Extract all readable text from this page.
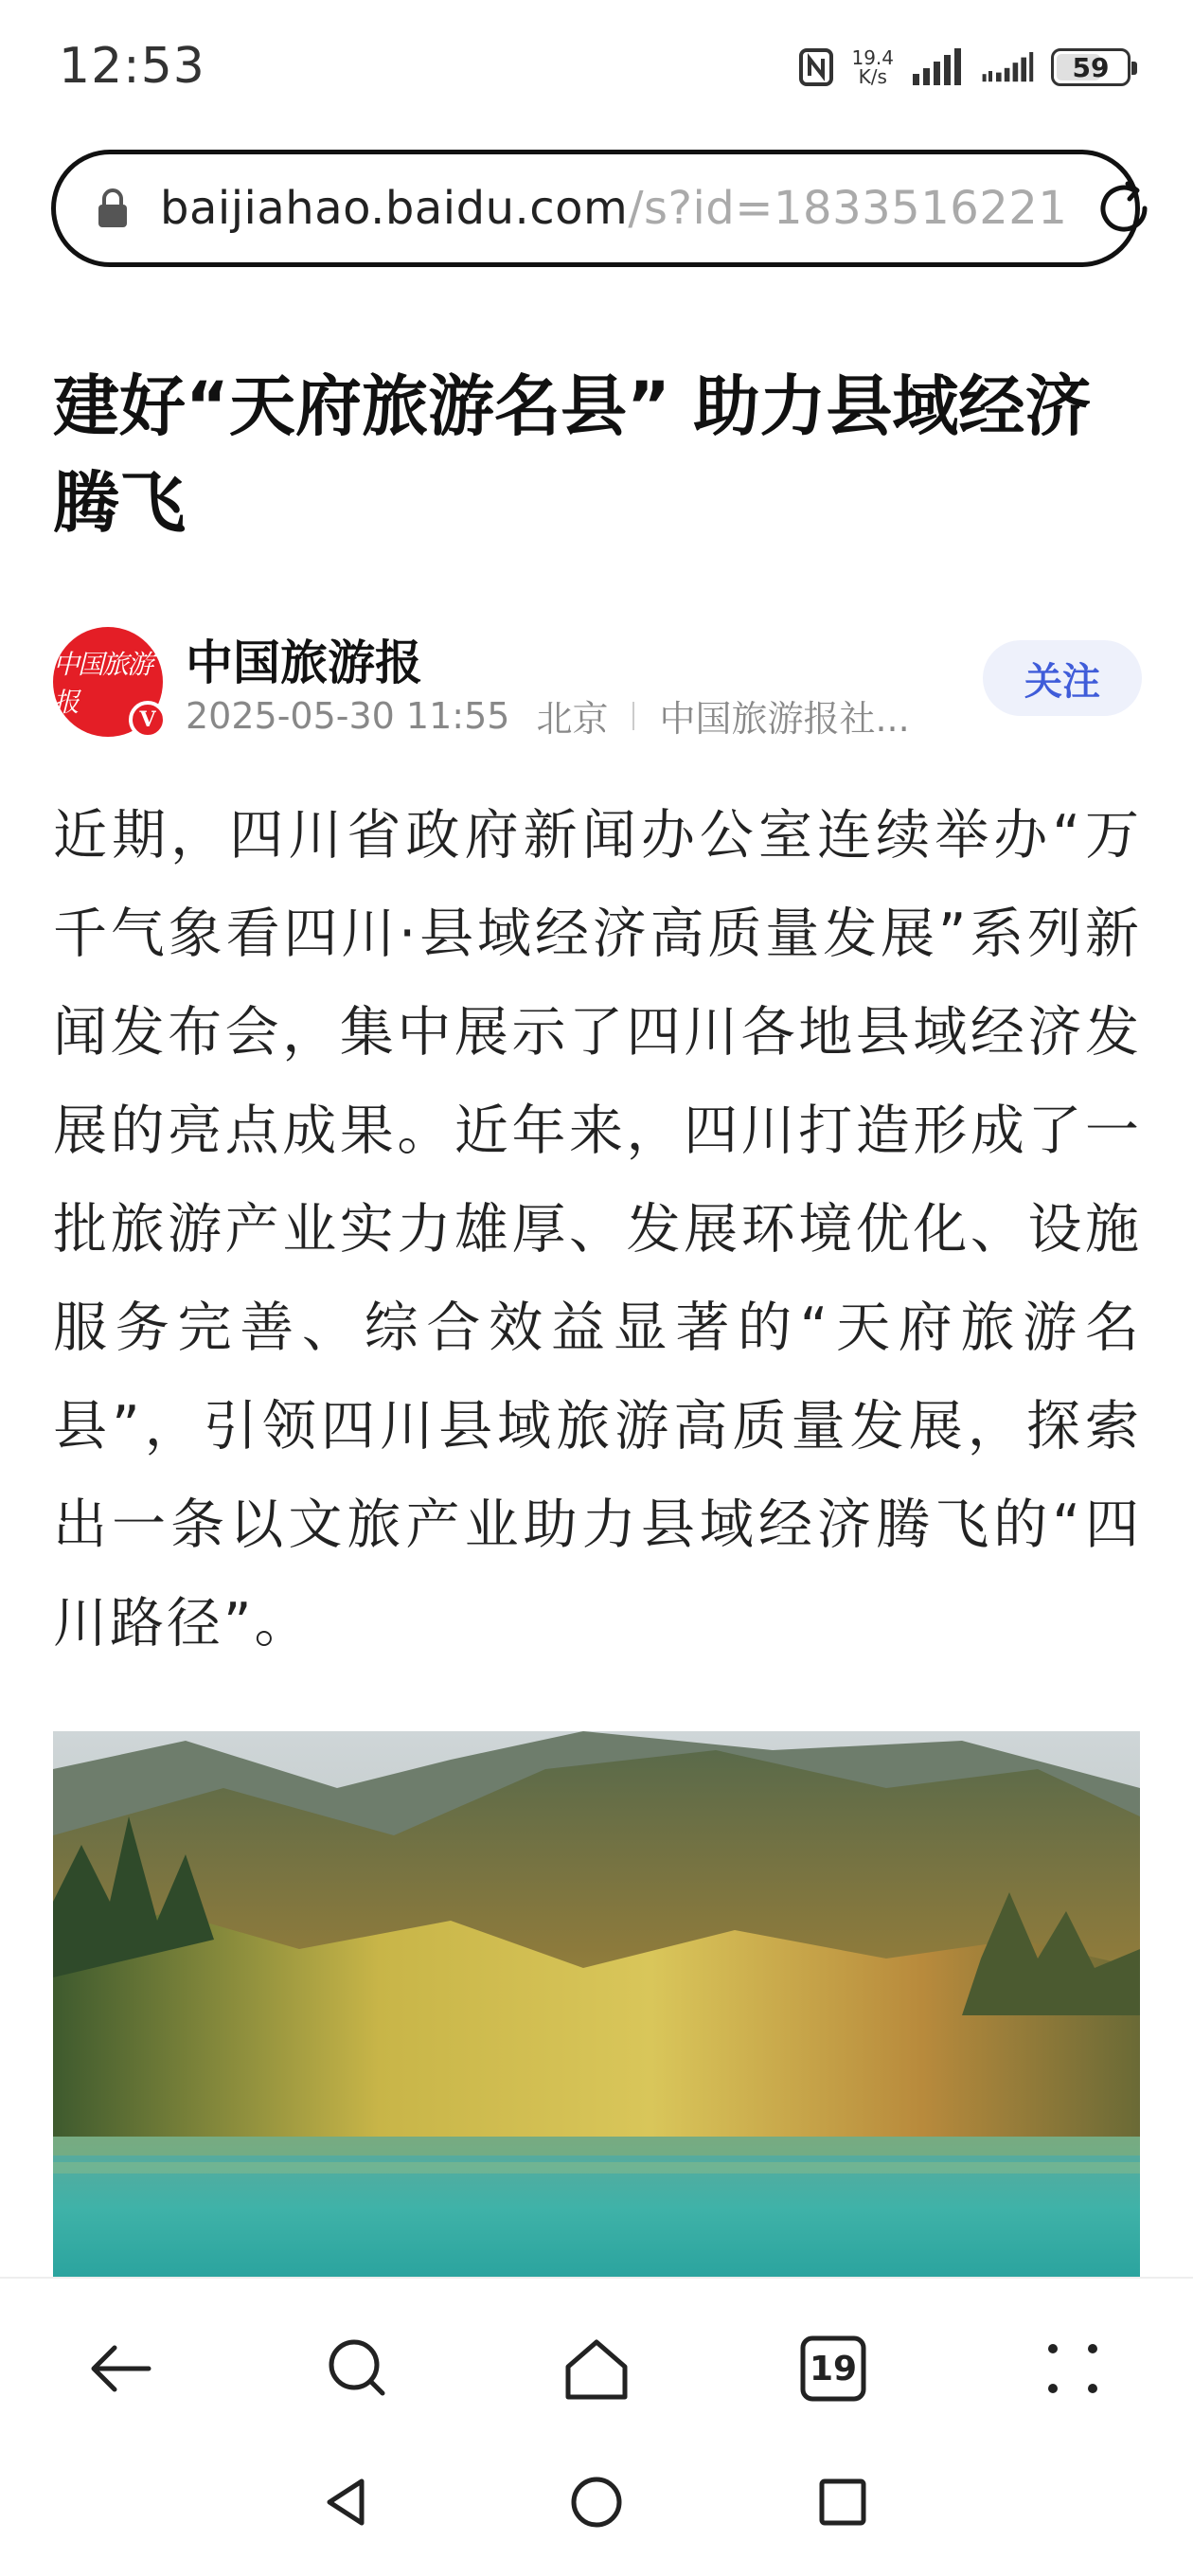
12:53	19.4
K/s	59
baijiahao.baidu.com/s?id=1833516221
建好“天府旅游名县” 助力县域经济腾飞
中国旅游报
V
中国旅游报
2025-05-30 11:55 北京 中国旅游报社...
关注

近期，四川省政府新闻办公室连续举办“万千气象看四川·县域经济高质量发展”系列新闻发布会，集中展示了四川各地县域经济发展的亮点成果。近年来，四川打造形成了一批旅游产业实力雄厚、发展环境优化、设施服务完善、综合效益显著的“天府旅游名县”，引领四川县域旅游高质量发展，探索出一条以文旅产业助力县域经济腾飞的“四川路径”。

19
